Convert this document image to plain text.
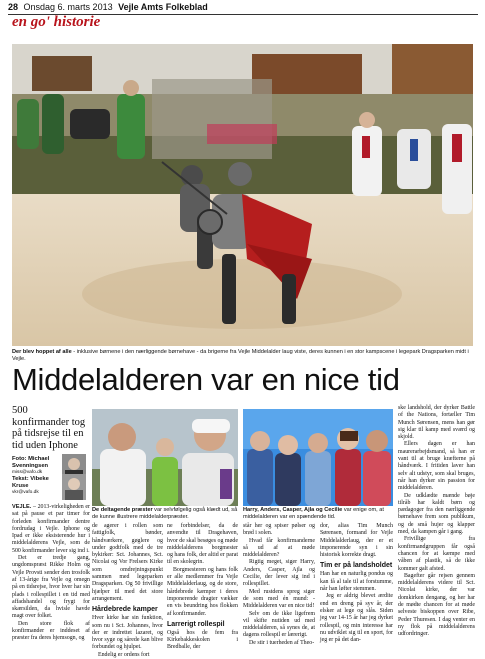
28 Onsdag 6. marts 2013 Vejle Amts Folkeblad
en go' historie
Der blev hoppet af alle - inklusive børnene i den nærliggende børnehave - da brigerne fra Vejle Middelalder laug viste, deres kunnen i en stor kampscene i legepark Dragsparken midt i Vejle.
Middelalderen var en nice tid
500 konfirmander tog på tidsrejse til en tid uden Iphone
Foto: Michael Svenningsen
miss@vafo.dk
Tekst: Vibeke Kruse
vkr@vafo.dk

VEJLE. – 2013-virkeligheden er sat på pause et par timer for forleden konfirmander dentre fordrudag i Vejle. Iphone og Ipad er ikke eksisterende hur i middelalderens Vejle, som de 500 konfirmander lever sig ind i.

Det er tredje gang, ungdomspræst Rikke Holm og Vejle Provsti sender den trosfolk af 13-årige fra Vejle og omegn på en tidsrejse, hvor hver har sin plads i rollespillet i en tid med affadshandel og frygt for skærsilden, da hvisle havde magt over folket.

Den store flok af konfirmander er inddeset af præster fra deres hjemsogn, og

De deltagende præster var selvfølgelig også klædt ud, så de kunne illustrere middelalderpræster.
Harry, Anders, Casper, Ajla og Cecilie var enige om, at middelalderen var en spændende tid.

de agerer i rollen som fattigfolk, bønder, håndværkere, gøglere og under godtfolk med de tre bykirker: Sct. Johannes, Sct. Nicolai og Vor Frelsers Kirke som omdrejningspunkt sammen med legeparken Dragsparken. Og 50 frivillige hjælper til med det store arrangement.

Hårdebrede kamper

Hver kirke har sin funktion, som nu i Sct. Johannes, hvor der er indrettet lazaret, og hvor syge og sårede kan blive forbundet og hjulpet.

Endelig er ordens fort

ne forbindelser, da de anvendte til Dragehaven, hvor de skal besøges og møde middelalderens borgmester og hans folk, der altid er parat til en skolegrin.

Borgmesteren og hans folk er alle medlemmer fra Vejle Middelalderlaug, og de store, hårdebrede kæmper i deres imponerende dragter vækker en vis beundring hos flokken af konfirmander.

Larrerigt rollespil

Også hos de fem fra Kirkebakkeskolen i Bredballe, der

står her og spiser pølser og brød i solen.

Hvad får konfirmanderne så ud af at møde middelalderen?

Rigtig meget, siger Harry, Anders, Casper, Ajla og Cecilie, der lever sig ind i rollespillet.

Med rustdens spreg siger de som med én mund: - Middelalderen var en nice tid!

Selv om de ikke ligefrem vil skifte nutiden ud med middelalderen, så synes de, at dagens rollespil er lærerigt.

De stir i tuerheden af Theo-

dor, alias Tim Munch Sørensen, formand for Vejle Middelalderlaug, der er et imponerende syn i sin historisk korrekte dragt.

Tim er på landsholdet

Han har en naturlig pondus og kan få al tale til at forstumme, når han løfter stemmen.

Jeg er aldrig blevet ærdite end en dreng på syv år, der elsker at lege og slås. Siden jeg var 14-15 år har jeg dyrket rollespil, og min interesse har nu udviklet sig til en sport, for jeg er på det dan-

ske landshold, der dyrker Battle of the Nations, fortæller Tim Munch Sørensen, mens han gør sig klar til kamp med sværd og skjold.

Ellers dagen er han maurerarbejdsmand, så han er vant til at bruge kræfterne på håndværk. I fritiden laver han selv alt udstyr, som skal bruges, når han dyrker sin passion for middelalderen.

De udklædte mænde bøje tilråb har kaldt børn og pædagoger fra den nærliggende børnehave frem som publikum, og de små hujer og klapper med, da kampen går i gang.

Frivillige fra konfirmandgruppen får også chancen for at kæmpe med våben af plastik, så de ikke kommer galt afsted.

Bagefter går rejsen gennem middelalderens videre til Sct. Nicolai kirke, der var domkirken dengang, og her har de mødte chancen for at møde selveste biskoppen over Ribe, Peder Thuresen. I dag venter en ny flok på middelalderens udfordringer.
